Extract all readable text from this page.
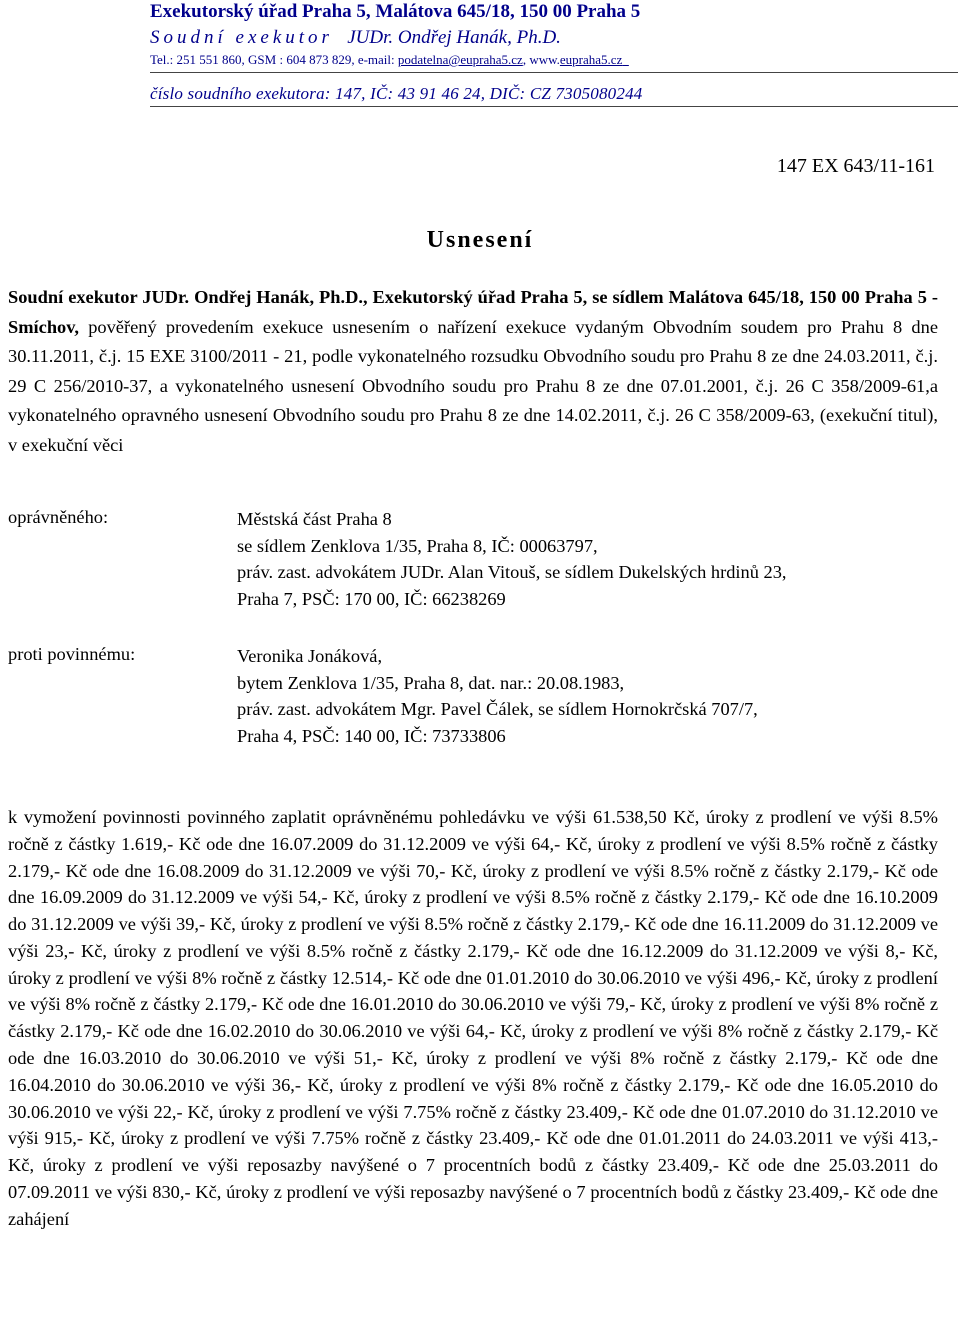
Exekutorský úřad Praha 5, Malátova 645/18, 150 00 Praha 5
Soudní exekutor JUDr. Ondřej Hanák, Ph.D.
Tel.: 251 551 860, GSM : 604 873 829, e-mail: podatelna@eupraha5.cz, www.eupraha5.cz
číslo soudního exekutora: 147, IČ: 43 91 46 24, DIČ: CZ 7305080244
147 EX 643/11-161
Usnesení

Soudní exekutor JUDr. Ondřej Hanák, Ph.D., Exekutorský úřad Praha 5, se sídlem Malátova 645/18, 150 00 Praha 5 - Smíchov, pověřený provedením exekuce usnesením o nařízení exekuce vydaným Obvodním soudem pro Prahu 8 dne 30.11.2011, č.j. 15 EXE 3100/2011 - 21, podle vykonatelného rozsudku Obvodního soudu pro Prahu 8 ze dne 24.03.2011, č.j. 29 C 256/2010-37, a vykonatelného usnesení Obvodního soudu pro Prahu 8 ze dne 07.01.2001, č.j. 26 C 358/2009-61,a vykonatelného opravného usnesení Obvodního soudu pro Prahu 8 ze dne 14.02.2011, č.j. 26 C 358/2009-63, (exekuční titul), v exekuční věci

oprávněného:	Městská část Praha 8
se sídlem Zenklova 1/35, Praha 8, IČ: 00063797,
práv. zast. advokátem JUDr. Alan Vitouš, se sídlem Dukelských hrdinů 23,
Praha 7, PSČ: 170 00, IČ: 66238269
proti povinnému:	Veronika Jonáková,
bytem Zenklova 1/35, Praha 8, dat. nar.: 20.08.1983,
práv. zast. advokátem Mgr. Pavel Čálek, se sídlem Hornokrčská 707/7,
Praha 4, PSČ: 140 00, IČ: 73733806

k vymožení povinnosti povinného zaplatit oprávněnému pohledávku ve výši 61.538,50 Kč, úroky z prodlení ve výši 8.5% ročně z částky 1.619,- Kč ode dne 16.07.2009 do 31.12.2009 ve výši 64,- Kč, úroky z prodlení ve výši 8.5% ročně z částky 2.179,- Kč ode dne 16.08.2009 do 31.12.2009 ve výši 70,- Kč, úroky z prodlení ve výši 8.5% ročně z částky 2.179,- Kč ode dne 16.09.2009 do 31.12.2009 ve výši 54,- Kč, úroky z prodlení ve výši 8.5% ročně z částky 2.179,- Kč ode dne 16.10.2009 do 31.12.2009 ve výši 39,- Kč, úroky z prodlení ve výši 8.5% ročně z částky 2.179,- Kč ode dne 16.11.2009 do 31.12.2009 ve výši 23,- Kč, úroky z prodlení ve výši 8.5% ročně z částky 2.179,- Kč ode dne 16.12.2009 do 31.12.2009 ve výši 8,- Kč, úroky z prodlení ve výši 8% ročně z částky 12.514,- Kč ode dne 01.01.2010 do 30.06.2010 ve výši 496,- Kč, úroky z prodlení ve výši 8% ročně z částky 2.179,- Kč ode dne 16.01.2010 do 30.06.2010 ve výši 79,- Kč, úroky z prodlení ve výši 8% ročně z částky 2.179,- Kč ode dne 16.02.2010 do 30.06.2010 ve výši 64,- Kč, úroky z prodlení ve výši 8% ročně z částky 2.179,- Kč ode dne 16.03.2010 do 30.06.2010 ve výši 51,- Kč, úroky z prodlení ve výši 8% ročně z částky 2.179,- Kč ode dne 16.04.2010 do 30.06.2010 ve výši 36,- Kč, úroky z prodlení ve výši 8% ročně z částky 2.179,- Kč ode dne 16.05.2010 do 30.06.2010 ve výši 22,- Kč, úroky z prodlení ve výši 7.75% ročně z částky 23.409,- Kč ode dne 01.07.2010 do 31.12.2010 ve výši 915,- Kč, úroky z prodlení ve výši 7.75% ročně z částky 23.409,- Kč ode dne 01.01.2011 do 24.03.2011 ve výši 413,- Kč, úroky z prodlení ve výši reposazby navýšené o 7 procentních bodů z částky 23.409,- Kč ode dne 25.03.2011 do 07.09.2011 ve výši 830,- Kč, úroky z prodlení ve výši reposazby navýšené o 7 procentních bodů z částky 23.409,- Kč ode dne zahájení
